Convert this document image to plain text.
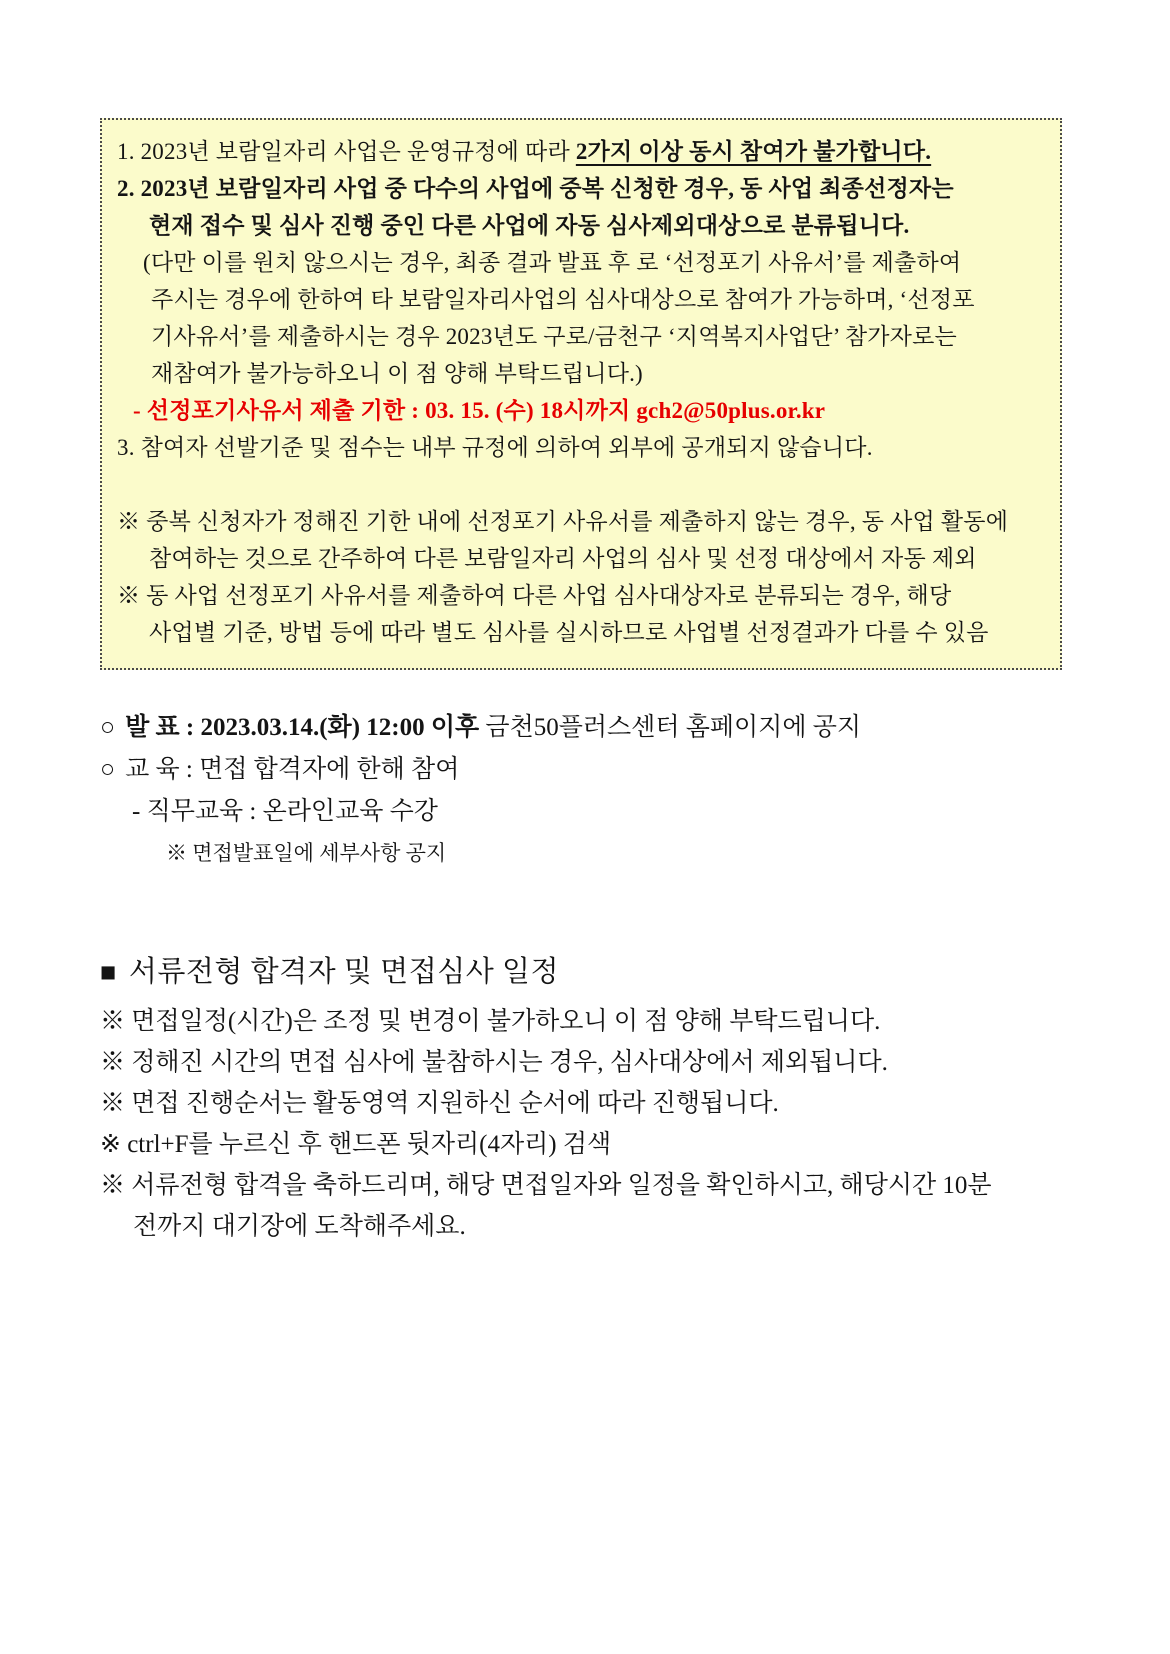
1. 2023년 보람일자리 사업은 운영규정에 따라 2가지 이상 동시 참여가 불가합니다.
2. 2023년 보람일자리 사업 중 다수의 사업에 중복 신청한 경우, 동 사업 최종선정자는
현재 접수 및 심사 진행 중인 다른 사업에 자동 심사제외대상으로 분류됩니다.
(다만 이를 원치 않으시는 경우, 최종 결과 발표 후 로 ‘선정포기 사유서’를 제출하여
주시는 경우에 한하여 타 보람일자리사업의 심사대상으로 참여가 가능하며, ‘선정포
기사유서’를 제출하시는 경우 2023년도 구로/금천구 ‘지역복지사업단’ 참가자로는
재참여가 불가능하오니 이 점 양해 부탁드립니다.)
- 선정포기사유서 제출 기한 : 03. 15. (수) 18시까지 gch2@50plus.or.kr
3. 참여자 선발기준 및 점수는 내부 규정에 의하여 외부에 공개되지 않습니다.
※ 중복 신청자가 정해진 기한 내에 선정포기 사유서를 제출하지 않는 경우, 동 사업 활동에
참여하는 것으로 간주하여 다른 보람일자리 사업의 심사 및 선정 대상에서 자동 제외
※ 동 사업 선정포기 사유서를 제출하여 다른 사업 심사대상자로 분류되는 경우, 해당
사업별 기준, 방법 등에 따라 별도 심사를 실시하므로 사업별 선정결과가 다를 수 있음
○ 발 표 : 2023.03.14.(화) 12:00 이후 금천50플러스센터 홈페이지에 공지
○ 교 육 : 면접 합격자에 한해 참여
- 직무교육 : 온라인교육 수강
※ 면접발표일에 세부사항 공지
■ 서류전형 합격자 및 면접심사 일정
※ 면접일정(시간)은 조정 및 변경이 불가하오니 이 점 양해 부탁드립니다.
※ 정해진 시간의 면접 심사에 불참하시는 경우, 심사대상에서 제외됩니다.
※ 면접 진행순서는 활동영역 지원하신 순서에 따라 진행됩니다.
※ ctrl+F를 누르신 후 핸드폰 뒷자리(4자리) 검색
※ 서류전형 합격을 축하드리며, 해당 면접일자와 일정을 확인하시고, 해당시간 10분
전까지 대기장에 도착해주세요.
